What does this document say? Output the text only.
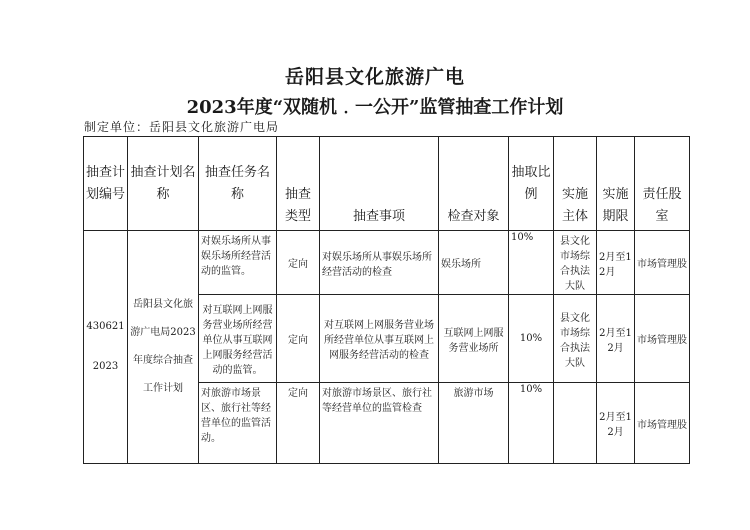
岳阳县文化旅游广电
2023年度“双随机﹒一公开”监管抽查工作计划
制定单位：岳阳县文化旅游广电局
抽查计划编号	抽查计划名称	抽查任务名称	抽查类型	抽查事项	检查对象	抽取比例	实施主体	实施期限	责任股室
430621 2023	岳阳县文化旅游广电局2023年度综合抽查工作计划	对娱乐场所从事娱乐场所经营活动的监管。	定向	对娱乐场所从事娱乐场所经营活动的检查	娱乐场所	10%	县文化市场综合执法大队	2月至12月	市场管理股
		对互联网上网服务营业场所经营单位从事互联网上网服务经营活动的监管。	定向	对互联网上网服务营业场所经营单位从事互联网上网服务经营活动的检查	互联网上网服务营业场所	10%	县文化市场综合执法大队	2月至12月	市场管理股
		对旅游市场景区、旅行社等经营单位的监管活动。	定向	对旅游市场景区、旅行社等经营单位的监管检查	旅游市场	10%		2月至12月	市场管理股
